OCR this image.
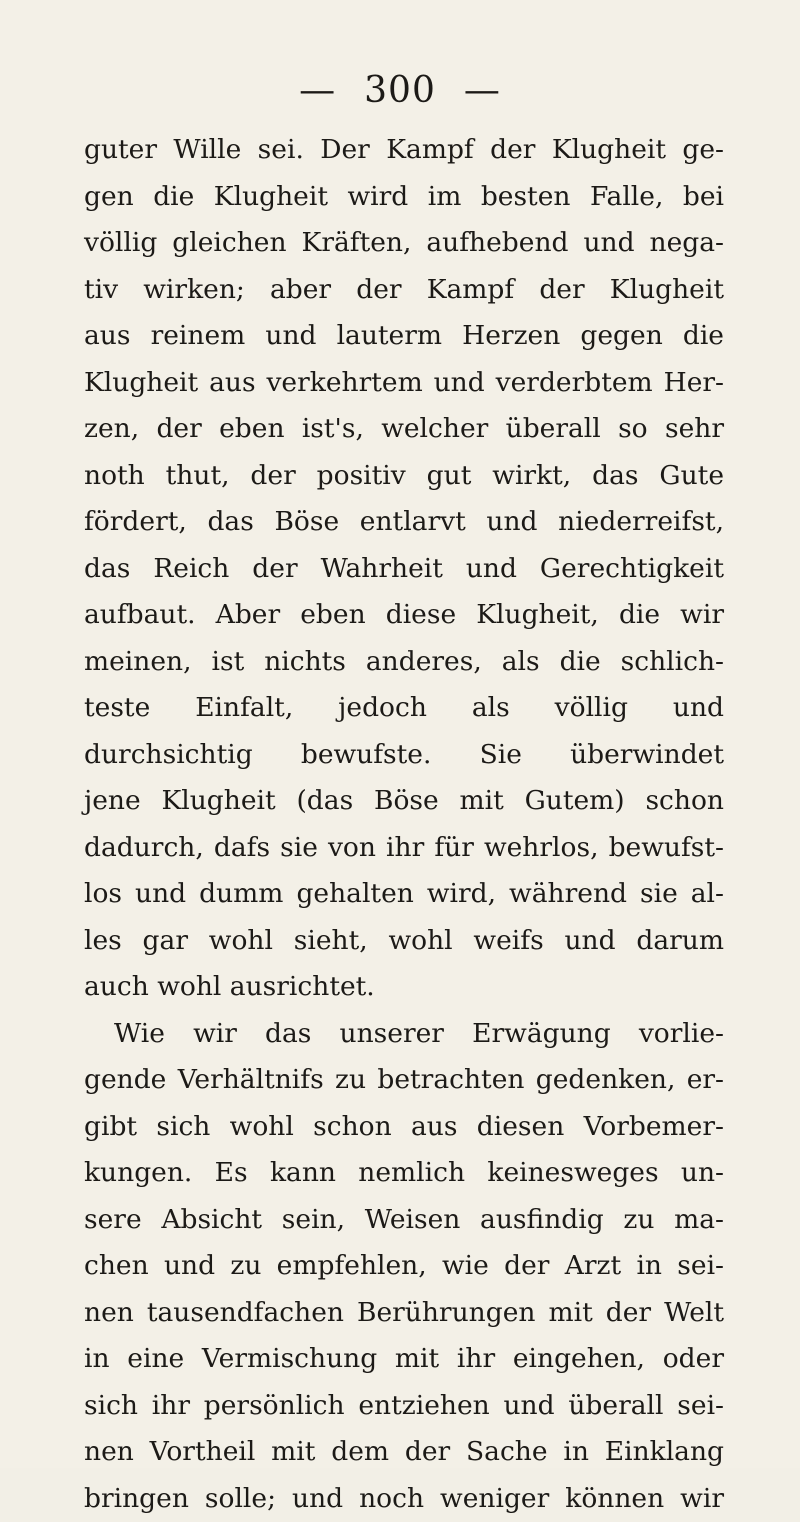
— 300 —
guter Wille sei. Der Kampf der Klugheit ge-
gen die Klugheit wird im besten Falle, bei
völlig gleichen Kräften, aufhebend und nega-
tiv wirken; aber der Kampf der Klugheit
aus reinem und lauterm Herzen gegen die
Klugheit aus verkehrtem und verderbtem Her-
zen, der eben ist's, welcher überall so sehr
noth thut, der positiv gut wirkt, das Gute
fördert, das Böse entlarvt und niederreifst,
das Reich der Wahrheit und Gerechtigkeit
aufbaut. Aber eben diese Klugheit, die wir
meinen, ist nichts anderes, als die schlich-
teste Einfalt, jedoch als völlig und
durchsichtig bewufste. Sie überwindet
jene Klugheit (das Böse mit Gutem) schon
dadurch, dafs sie von ihr für wehrlos, bewufst-
los und dumm gehalten wird, während sie al-
les gar wohl sieht, wohl weifs und darum
auch wohl ausrichtet.
Wie wir das unserer Erwägung vorlie-
gende Verhältnifs zu betrachten gedenken, er-
gibt sich wohl schon aus diesen Vorbemer-
kungen. Es kann nemlich keinesweges un-
sere Absicht sein, Weisen ausfindig zu ma-
chen und zu empfehlen, wie der Arzt in sei-
nen tausendfachen Berührungen mit der Welt
in eine Vermischung mit ihr eingehen, oder
sich ihr persönlich entziehen und überall sei-
nen Vortheil mit dem der Sache in Einklang
bringen solle; und noch weniger können wir
